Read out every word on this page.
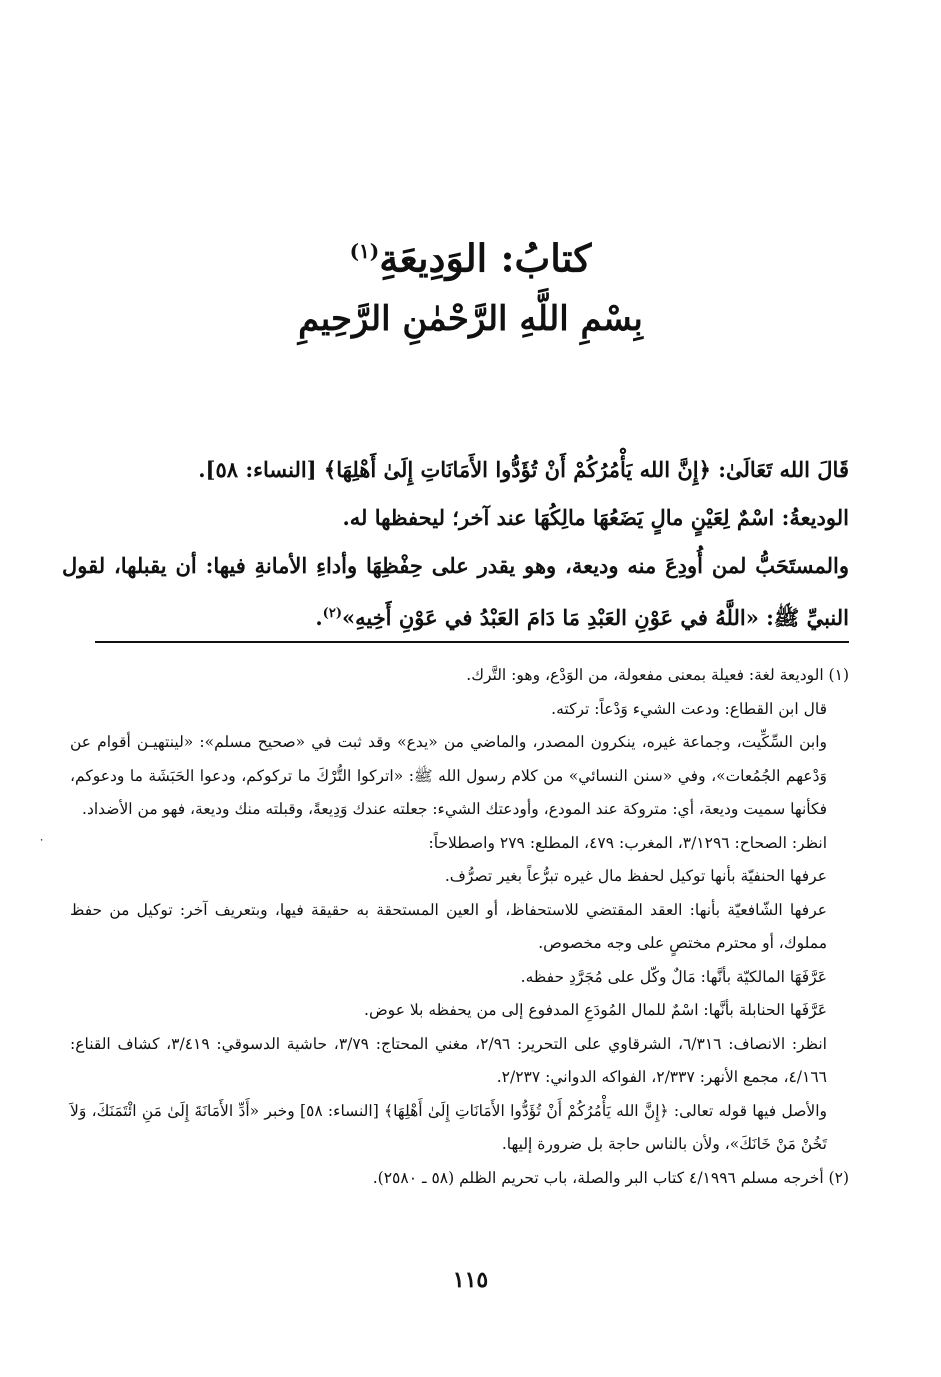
كتابُ: الوَدِيعَةِ$^{(١)}$
بِسْمِ اللَّهِ الرَّحْمٰنِ الرَّحِيمِ

قَالَ الله تَعَالَىٰ: ﴿إِنَّ الله يَأْمُرُكُمْ أَنْ تُؤَدُّوا الأَمَانَاتِ إِلَىٰ أَهْلِهَا﴾ [النساء: ٥٨].

الوديعةُ: اسْمٌ لِعَيْنٍ مالٍ يَضَعُهَا مالِكُهَا عند آخر؛ ليحفظها له.

والمستَحَبُّ لمن أُودِعَ منه وديعة، وهو يقدر على حِفْظِهَا وأداءِ الأمانةِ فيها: أن يقبلها، لقول النبيِّ ﷺ: «اللَّهُ في عَوْنِ العَبْدِ مَا دَامَ العَبْدُ في عَوْنِ أَخِيهِ»$^{(٢)}$.

(١) الوديعة لغة: فعيلة بمعنى مفعولة، من الوَدْع، وهو: التَّرك.

قال ابن القطاع: ودعت الشيء وَدْعاً: تركته.

وابن السِّكِّيت، وجماعة غيره، ينكرون المصدر، والماضي من «يدع» وقد ثبت في «صحيح مسلم»: «لينتهيـن أقوام عن وَدْعهم الجُمُعات»، وفي «سنن النسائي» من كلام رسول الله ﷺ: «اتركوا التُّرْكَ ما تركوكم، ودعوا الحَبَشَة ما ودعوكم، فكأنها سميت وديعة، أي: متروكة عند المودع، وأودعتك الشيء: جعلته عندك وَدِيعةً، وقبلته منك وديعة، فهو من الأضداد.

انظر: الصحاح: ٣/١٢٩٦، المغرب: ٤٧٩، المطلع: ٢٧٩ واصطلاحاً:

عرفها الحنفيّة بأنها توكيل لحفظ مال غيره تبرُّعاً بغير تصرُّف.

عرفها الشّافعيّة بأنها: العقد المقتضي للاستحفاظ، أو العين المستحقة به حقيقة فيها، وبتعريف آخر: توكيل من حفظ مملوك، أو محترم مختصٍ على وجه مخصوص.

عَرَّفَهَا المالكيّة بأنَّها: مَالٌ وكّل على مُجَرَّدِ حفظه.

عَرَّفَها الحنابلة بأنَّها: اسْمٌ للمال المُودَعِ المدفوع إلى من يحفظه بلا عوض.

انظر: الانصاف: ٦/٣١٦، الشرقاوي على التحرير: ٢/٩٦، مغني المحتاج: ٣/٧٩، حاشية الدسوقي: ٣/٤١٩، كشاف القناع: ٤/١٦٦، مجمع الأنهر: ٢/٣٣٧، الفواكه الدواني: ٢/٢٣٧.

والأصل فيها قوله تعالى: ﴿إِنَّ الله يَأْمُرُكُمْ أَنْ تُؤَدُّوا الأَمَانَاتِ إِلَىٰ أَهْلِهَا﴾ [النساء: ٥٨] وخبر «أَدِّ الأَمَانَةَ إِلَىٰ مَنِ ائْتَمَنَكَ، وَلاَ تَخُنْ مَنْ خَانَكَ»، ولأن بالناس حاجة بل ضرورة إليها.

(٢) أخرجه مسلم ٤/١٩٩٦ كتاب البر والصلة، باب تحريم الظلم (٥٨ ـ ٢٥٨٠).

⸳
١١٥
